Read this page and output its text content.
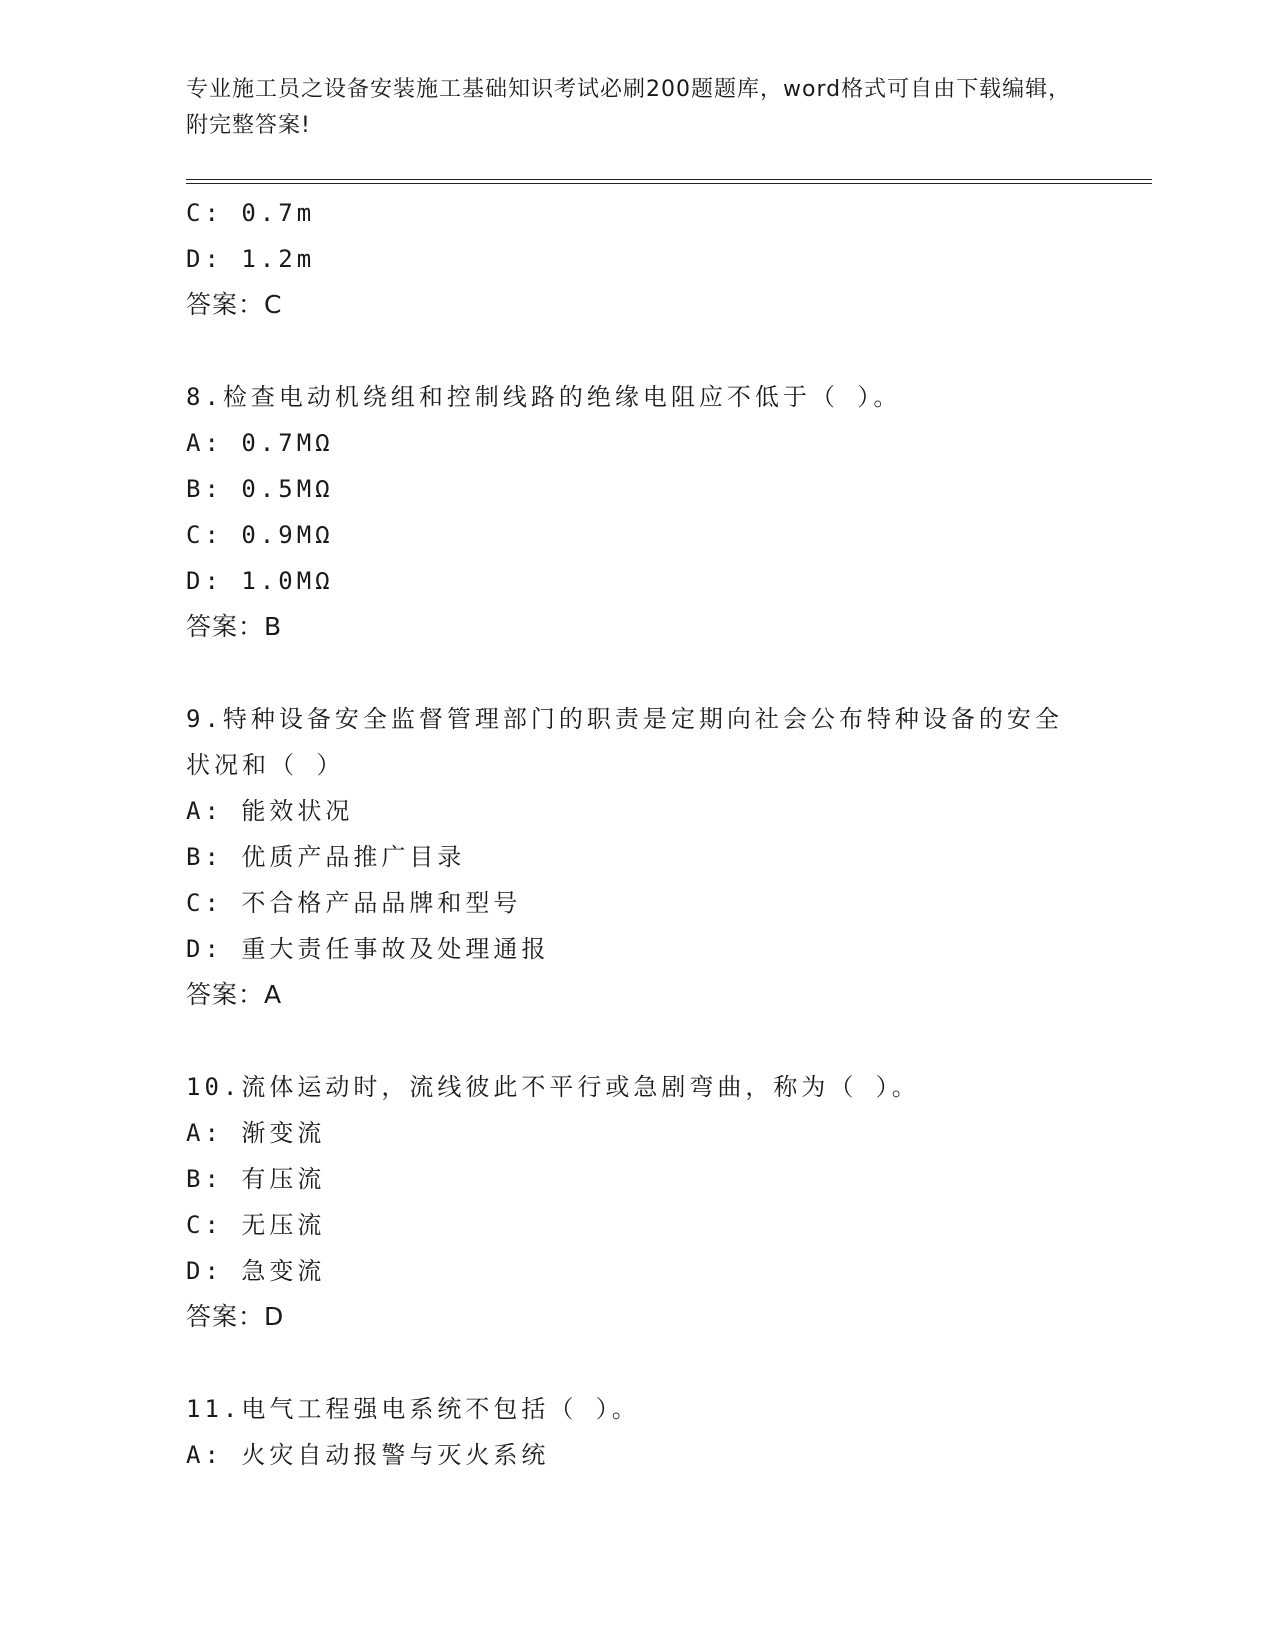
专业施工员之设备安装施工基础知识考试必刷200题题库，word格式可自由下载编辑，附完整答案!
C: 0.7m
D: 1.2m
答案：C
8.检查电动机绕组和控制线路的绝缘电阻应不低于（ ）。
A: 0.7MΩ
B: 0.5MΩ
C: 0.9MΩ
D: 1.0MΩ
答案：B
9.特种设备安全监督管理部门的职责是定期向社会公布特种设备的安全状况和（ ）
A: 能效状况
B: 优质产品推广目录
C: 不合格产品品牌和型号
D: 重大责任事故及处理通报
答案：A
10.流体运动时，流线彼此不平行或急剧弯曲，称为（ ）。
A: 渐变流
B: 有压流
C: 无压流
D: 急变流
答案：D
11.电气工程强电系统不包括（ ）。
A: 火灾自动报警与灭火系统
